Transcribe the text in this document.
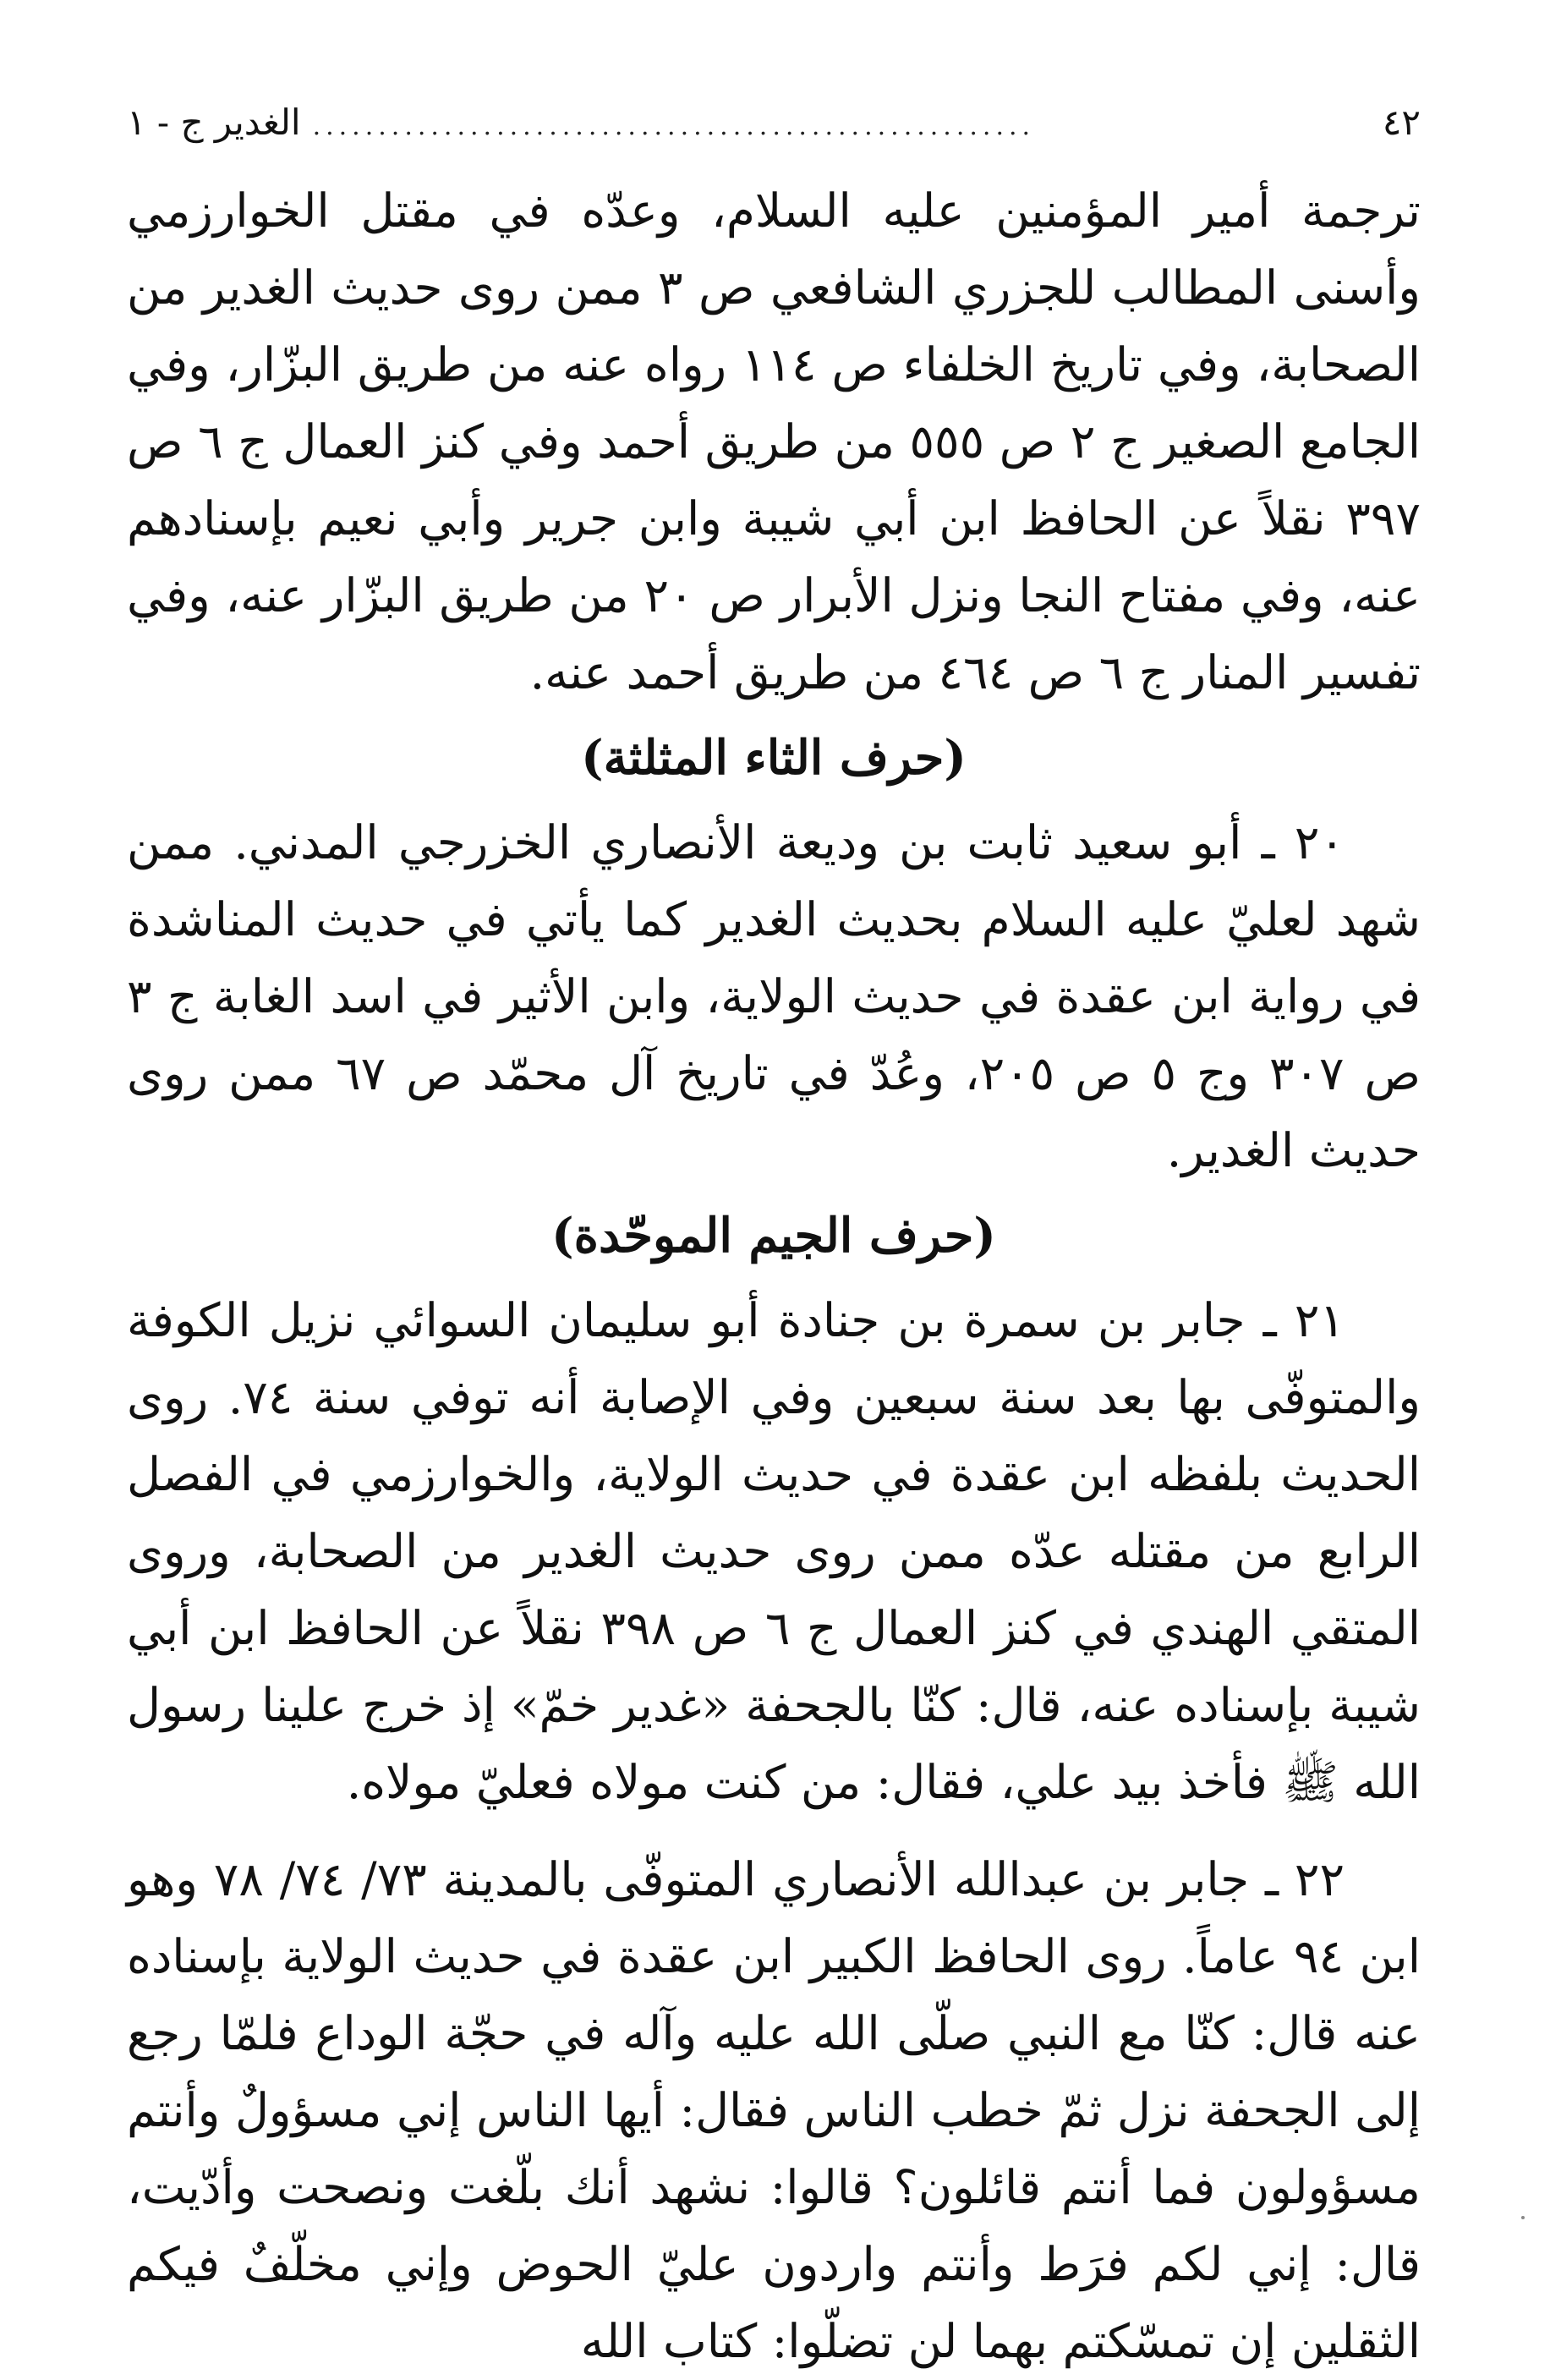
٤٢
.......................................................
الغدير ج - ١

ترجمة أمير المؤمنين عليه السلام، وعدّه في مقتل الخوارزمي وأسنى المطالب للجزري الشافعي ص ٣ ممن روى حديث الغدير من الصحابة، وفي تاريخ الخلفاء ص ١١٤ رواه عنه من طريق البزّار، وفي الجامع الصغير ج ٢ ص ٥٥٥ من طريق أحمد وفي كنز العمال ج ٦ ص ٣٩٧ نقلاً عن الحافظ ابن أبي شيبة وابن جرير وأبي نعيم بإسنادهم عنه، وفي مفتاح النجا ونزل الأبرار ص ٢٠ من طريق البزّار عنه، وفي تفسير المنار ج ٦ ص ٤٦٤ من طريق أحمد عنه.

(حرف الثاء المثلثة)

٢٠ ـ أبو سعيد ثابت بن وديعة الأنصاري الخزرجي المدني. ممن شهد لعليّ عليه السلام بحديث الغدير كما يأتي في حديث المناشدة في رواية ابن عقدة في حديث الولاية، وابن الأثير في اسد الغابة ج ٣ ص ٣٠٧ وج ٥ ص ٢٠٥، وعُدّ في تاريخ آل محمّد ص ٦٧ ممن روى حديث الغدير.

(حرف الجيم الموحّدة)

٢١ ـ جابر بن سمرة بن جنادة أبو سليمان السوائي نزيل الكوفة والمتوفّى بها بعد سنة سبعين وفي الإصابة أنه توفي سنة ٧٤. روى الحديث بلفظه ابن عقدة في حديث الولاية، والخوارزمي في الفصل الرابع من مقتله عدّه ممن روى حديث الغدير من الصحابة، وروى المتقي الهندي في كنز العمال ج ٦ ص ٣٩٨ نقلاً عن الحافظ ابن أبي شيبة بإسناده عنه، قال: كنّا بالجحفة «غدير خمّ» إذ خرج علينا رسول الله ﷺ فأخذ بيد علي، فقال: من كنت مولاه فعليّ مولاه.

٢٢ ـ جابر بن عبدالله الأنصاري المتوفّى بالمدينة ٧٣/ ٧٤/ ٧٨ وهو ابن ٩٤ عاماً. روى الحافظ الكبير ابن عقدة في حديث الولاية بإسناده عنه قال: كنّا مع النبي صلّى الله عليه وآله في حجّة الوداع فلمّا رجع إلى الجحفة نزل ثمّ خطب الناس فقال: أيها الناس إني مسؤولٌ وأنتم مسؤولون فما أنتم قائلون؟ قالوا: نشهد أنك بلّغت ونصحت وأدّيت، قال: إني لكم فرَط وأنتم واردون عليّ الحوض وإني مخلّفٌ فيكم الثقلين إن تمسّكتم بهما لن تضلّوا: كتاب الله
